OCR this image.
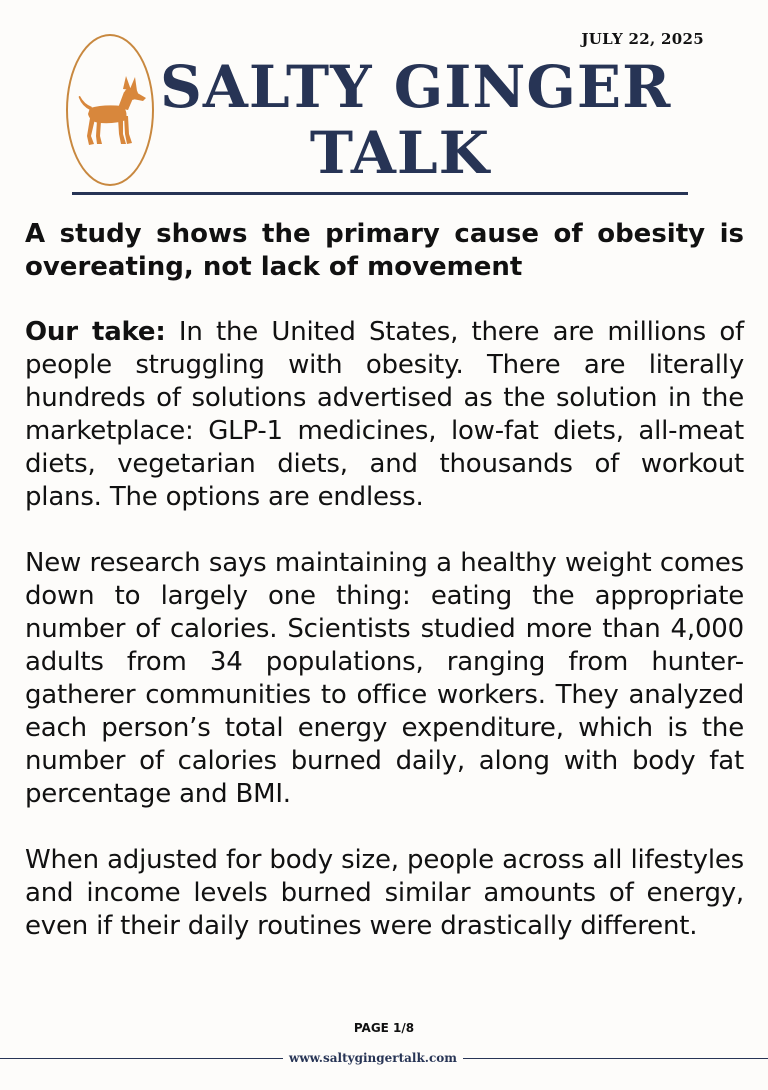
JULY 22, 2025
SALTY GINGER
TALK
A study shows the primary cause of obesity is overeating, not lack of movement
Our take: In the United States, there are millions of people struggling with obesity. There are literally hundreds of solutions advertised as the solution in the marketplace: GLP-1 medicines, low-fat diets, all-meat diets, vegetarian diets, and thousands of workout plans. The options are endless.
New research says maintaining a healthy weight comes down to largely one thing: eating the appropriate number of calories. Scientists studied more than 4,000 adults from 34 populations, ranging from hunter-gatherer communities to office workers. They analyzed each person’s total energy expenditure, which is the number of calories burned daily, along with body fat percentage and BMI.
When adjusted for body size, people across all lifestyles and income levels burned similar amounts of energy, even if their daily routines were drastically different.
PAGE 1/8
www.saltygingertalk.com
